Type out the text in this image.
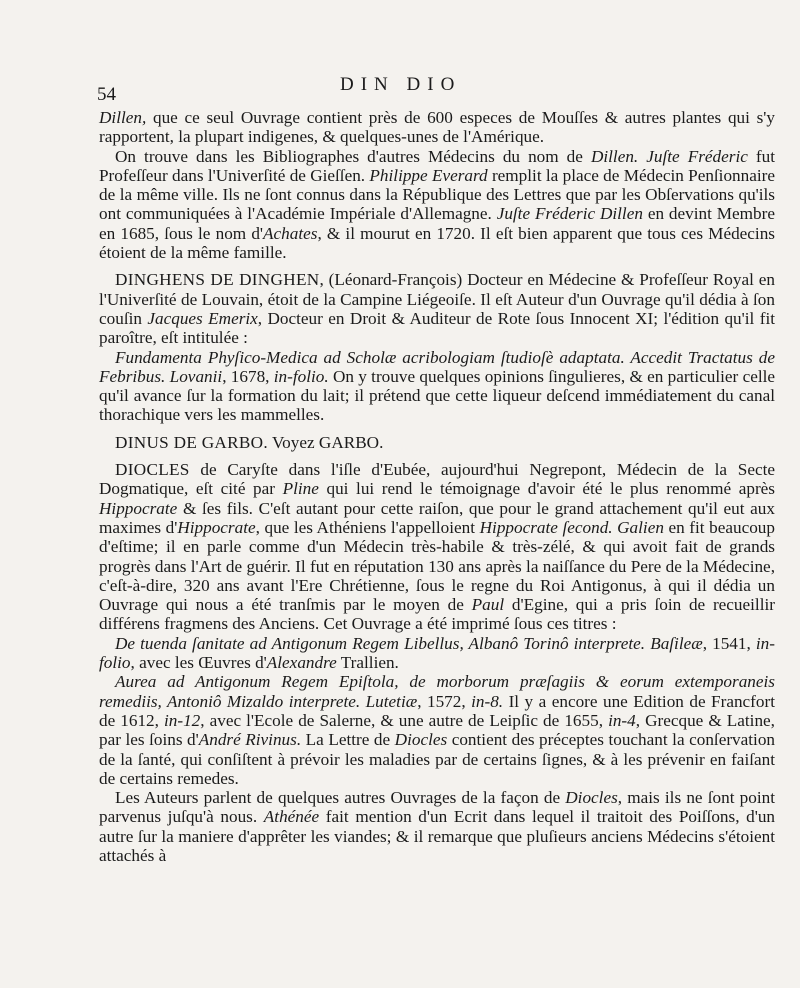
54	DIN DIO

Dillen, que ce seul Ouvrage contient près de 600 especes de Mouſſes & autres plantes qui s'y rapportent, la plupart indigenes, & quelques-unes de l'Amérique.

On trouve dans les Bibliographes d'autres Médecins du nom de Dillen. Juſte Fréderic fut Profeſſeur dans l'Univerſité de Gieſſen. Philippe Everard remplit la place de Médecin Penſionnaire de la même ville. Ils ne ſont connus dans la République des Lettres que par les Obſervations qu'ils ont communiquées à l'Académie Impériale d'Allemagne. Juſte Fréderic Dillen en devint Membre en 1685, ſous le nom d'Achates, & il mourut en 1720. Il eſt bien apparent que tous ces Médecins étoient de la même famille.

DINGHENS DE DINGHEN, (Léonard-François) Docteur en Médecine & Profeſſeur Royal en l'Univerſité de Louvain, étoit de la Campine Liégeoiſe. Il eſt Auteur d'un Ouvrage qu'il dédia à ſon couſin Jacques Emerix, Docteur en Droit & Auditeur de Rote ſous Innocent XI; l'édition qu'il fit paroître, eſt intitulée :

Fundamenta Phyſico-Medica ad Scholæ acribologiam ſtudioſè adaptata. Accedit Tractatus de Febribus. Lovanii, 1678, in-folio. On y trouve quelques opinions ſingulieres, & en particulier celle qu'il avance ſur la formation du lait; il prétend que cette liqueur deſcend immédiatement du canal thorachique vers les mammelles.

DINUS DE GARBO. Voyez GARBO.

DIOCLES de Caryſte dans l'iſle d'Eubée, aujourd'hui Negrepont, Médecin de la Secte Dogmatique, eſt cité par Pline qui lui rend le témoignage d'avoir été le plus renommé après Hippocrate & ſes fils. C'eſt autant pour cette raiſon, que pour le grand attachement qu'il eut aux maximes d'Hippocrate, que les Athéniens l'appelloient Hippocrate ſecond. Galien en fit beaucoup d'eſtime; il en parle comme d'un Médecin très-habile & très-zélé, & qui avoit fait de grands progrès dans l'Art de guérir. Il fut en réputation 130 ans après la naiſſance du Pere de la Médecine, c'eſt-à-dire, 320 ans avant l'Ere Chrétienne, ſous le regne du Roi Antigonus, à qui il dédia un Ouvrage qui nous a été tranſmis par le moyen de Paul d'Egine, qui a pris ſoin de recueillir différens fragmens des Anciens. Cet Ouvrage a été imprimé ſous ces titres :

De tuenda ſanitate ad Antigonum Regem Libellus, Albanô Torinô interprete. Baſileæ, 1541, in-folio, avec les Œuvres d'Alexandre Trallien.

Aurea ad Antigonum Regem Epiſtola, de morborum præſagiis & eorum extemporaneis remediis, Antoniô Mizaldo interprete. Lutetiæ, 1572, in-8. Il y a encore une Edition de Francfort de 1612, in-12, avec l'Ecole de Salerne, & une autre de Leipſic de 1655, in-4, Grecque & Latine, par les ſoins d'André Rivinus. La Lettre de Diocles contient des préceptes touchant la conſervation de la ſanté, qui conſiſtent à prévoir les maladies par de certains ſignes, & à les prévenir en faiſant de certains remedes.

Les Auteurs parlent de quelques autres Ouvrages de la façon de Diocles, mais ils ne ſont point parvenus juſqu'à nous. Athénée fait mention d'un Ecrit dans lequel il traitoit des Poiſſons, d'un autre ſur la maniere d'apprêter les viandes; & il remarque que pluſieurs anciens Médecins s'étoient attachés à
